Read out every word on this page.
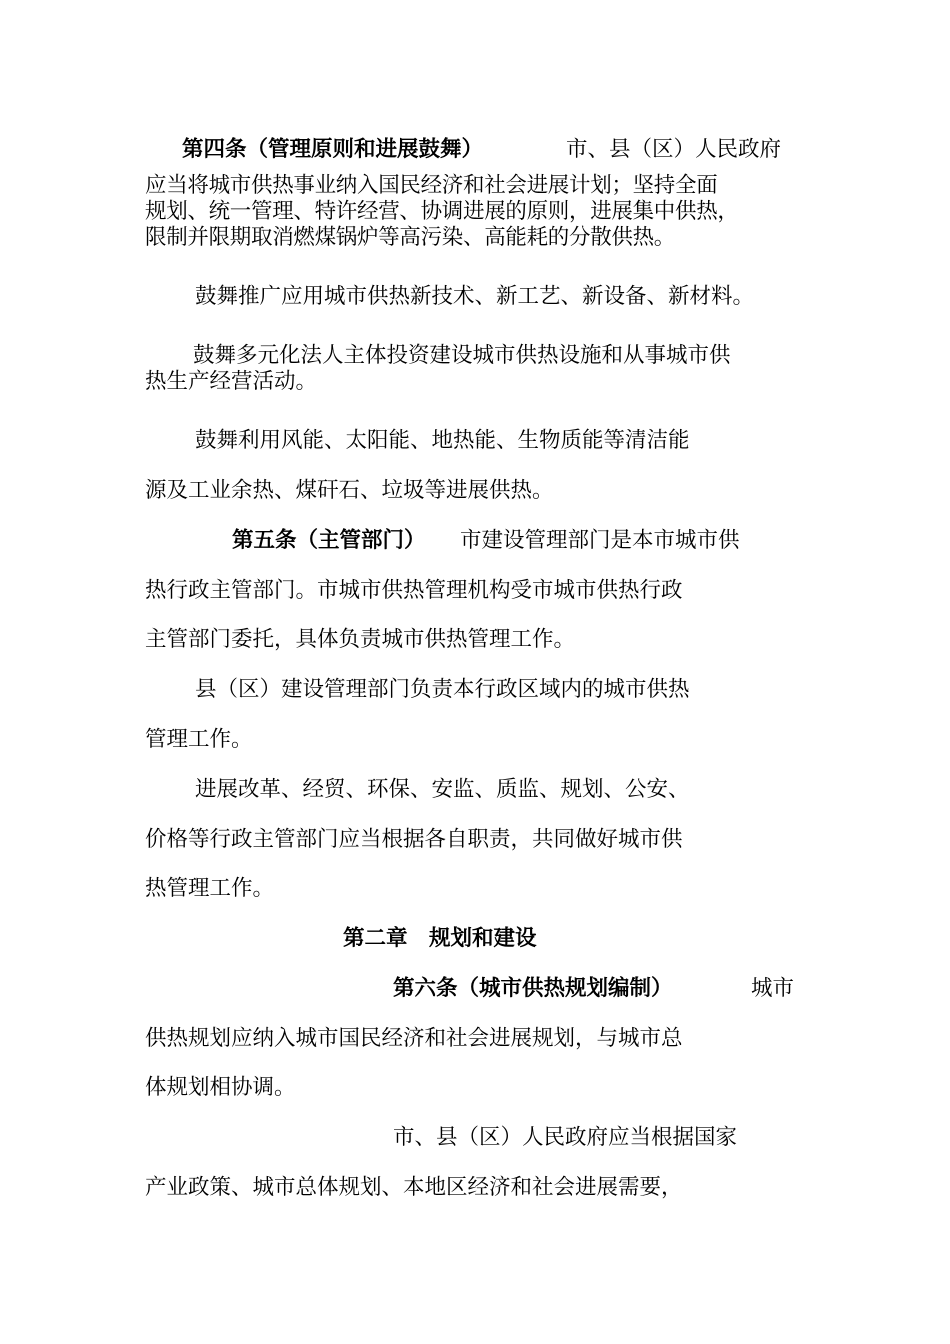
第四条（管理原则和进展鼓舞）	市、县（区）人民政府
应当将城市供热事业纳入国民经济和社会进展计划；坚持全面
规划、统一管理、特许经营、协调进展的原则，进展集中供热，
限制并限期取消燃煤锅炉等高污染、高能耗的分散供热。
鼓舞推广应用城市供热新技术、新工艺、新设备、新材料。
鼓舞多元化法人主体投资建设城市供热设施和从事城市供
热生产经营活动。
鼓舞利用风能、太阳能、地热能、生物质能等清洁能
源及工业余热、煤矸石、垃圾等进展供热。
第五条（主管部门） 市建设管理部门是本市城市供
热行政主管部门。市城市供热管理机构受市城市供热行政
主管部门委托，具体负责城市供热管理工作。
县（区）建设管理部门负责本行政区域内的城市供热
管理工作。
进展改革、经贸、环保、安监、质监、规划、公安、
价格等行政主管部门应当根据各自职责，共同做好城市供
热管理工作。
第二章　规划和建设
第六条（城市供热规划编制）	城市
供热规划应纳入城市国民经济和社会进展规划，与城市总
体规划相协调。
市、县（区）人民政府应当根据国家
产业政策、城市总体规划、本地区经济和社会进展需要，
